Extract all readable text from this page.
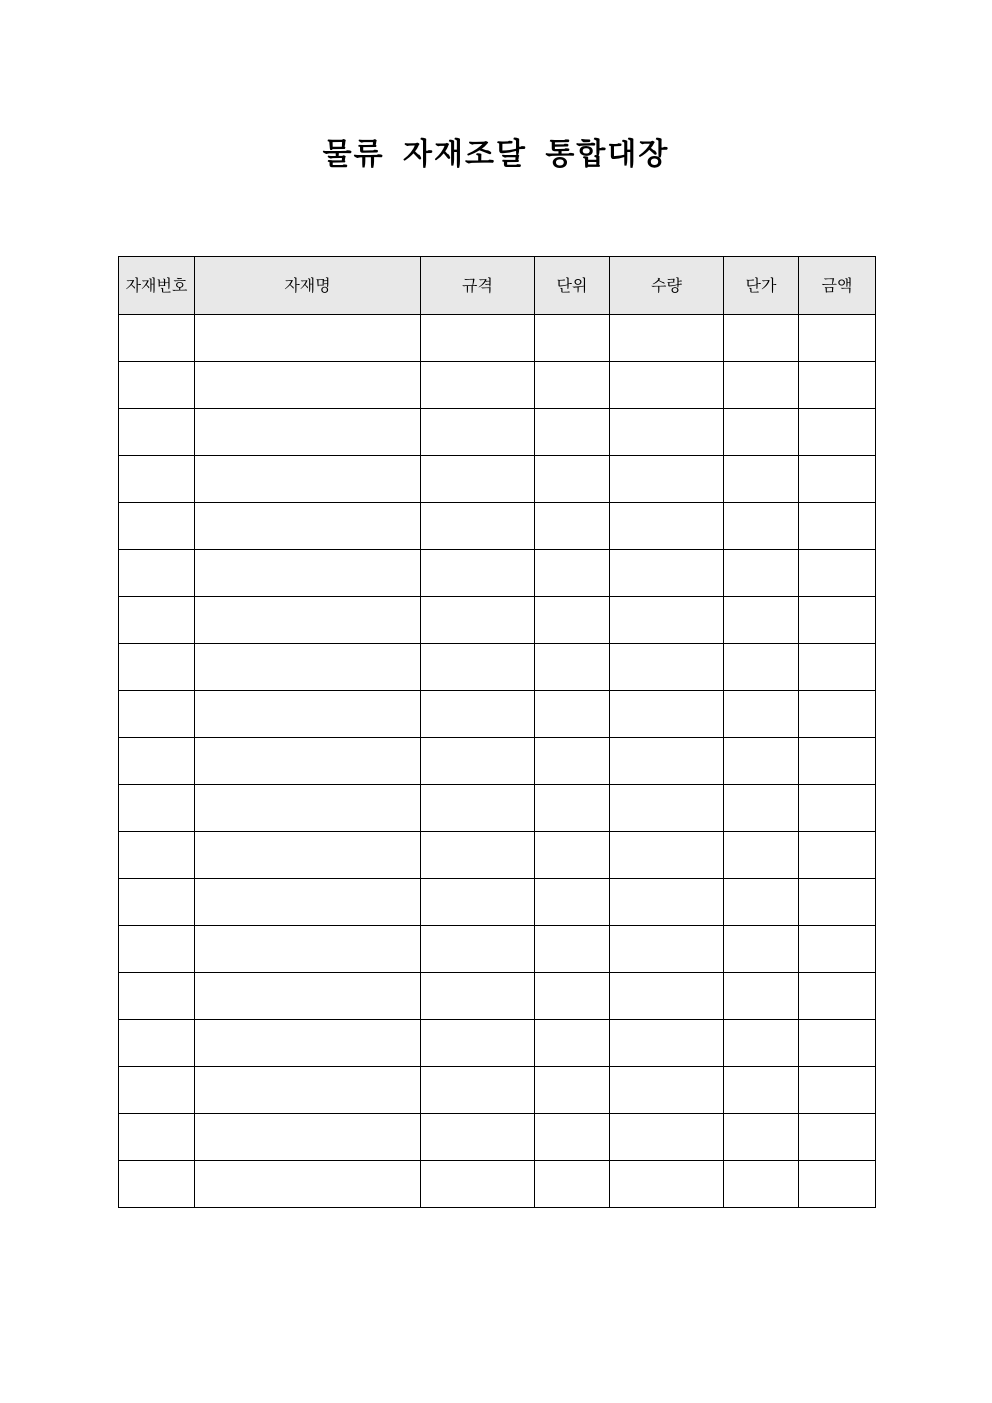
물류 자재조달 통합대장
자재번호	자재명	규격	단위	수량	단가	금액
